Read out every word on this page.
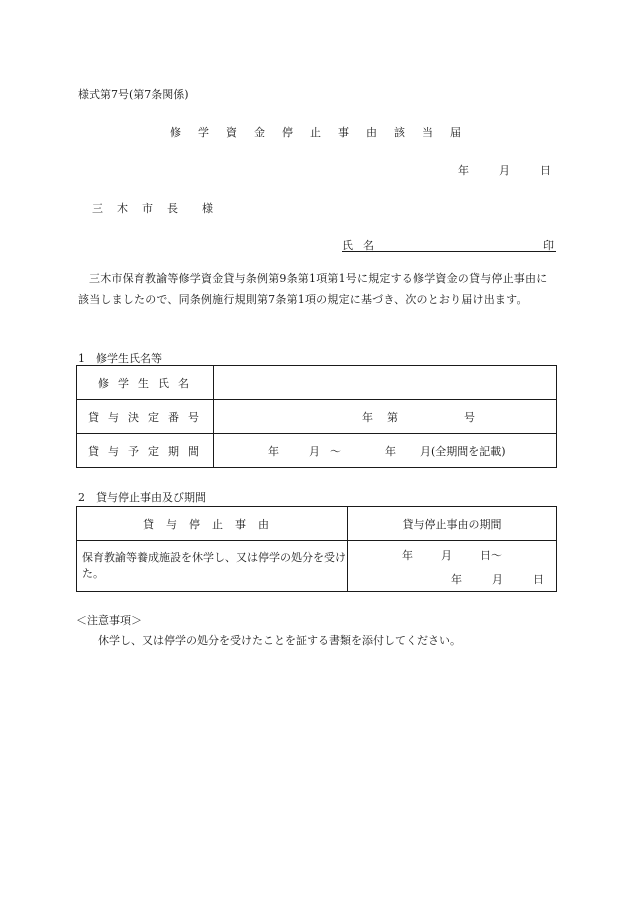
様式第7号(第7条関係)
修学資金停止事由該当届
年	月	日
三木市長 様
氏名	印
三木市保育教諭等修学資金貸与条例第9条第1項第1号に規定する修学資金の貸与停止事由に該当しましたので、同条例施行規則第7条第1項の規定に基づき、次のとおり届け出ます。
1　修学生氏名等
修学生氏名	
貸与決定番号	年 第 号
貸与予定期間	年 月 ～ 年 月(全期間を記載)
2　貸与停止事由及び期間
貸与停止事由	貸与停止事由の期間
保育教諭等養成施設を休学し、又は停学の処分を受けた。	年 月 日～
年 月 日
＜注意事項＞
休学し、又は停学の処分を受けたことを証する書類を添付してください。
